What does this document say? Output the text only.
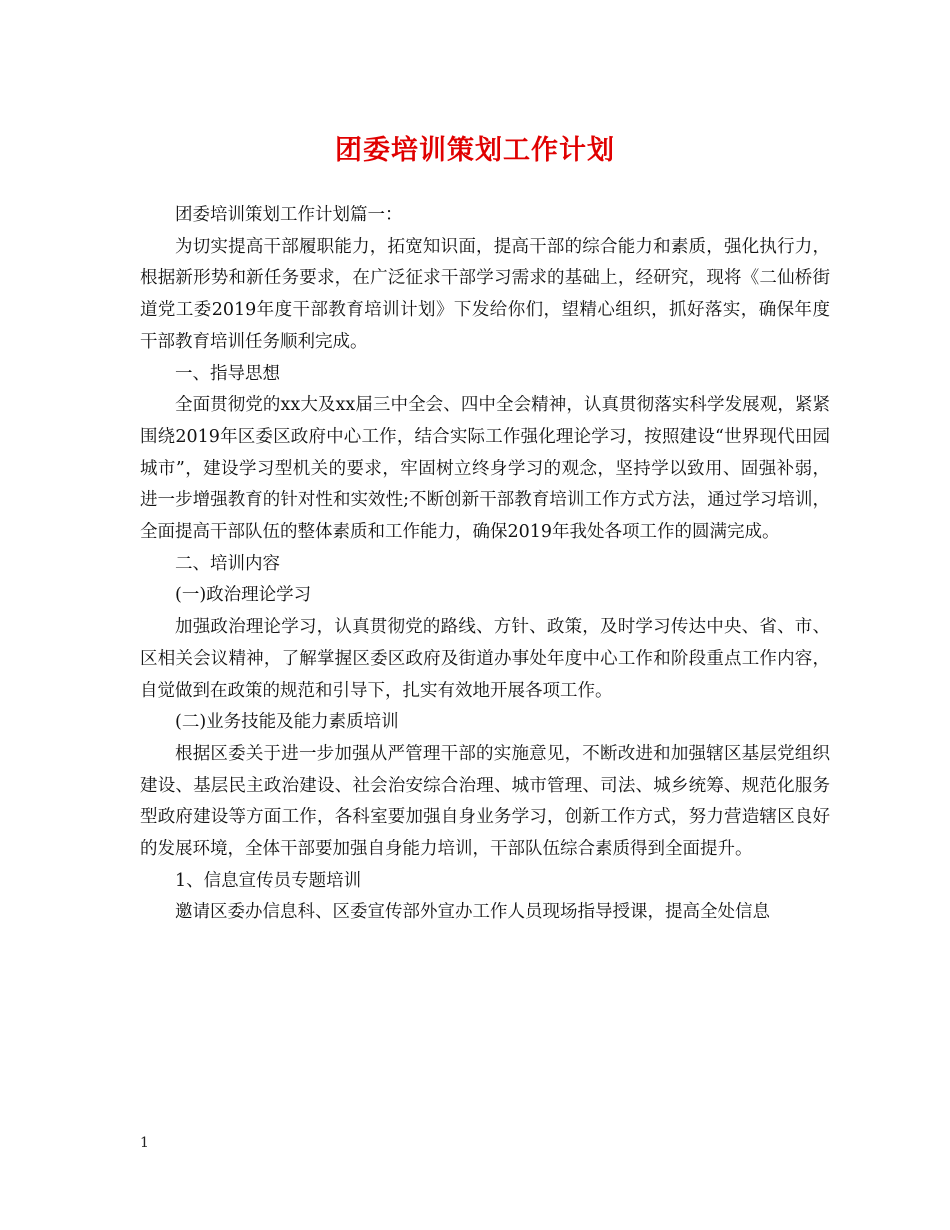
团委培训策划工作计划

团委培训策划工作计划篇一：

为切实提高干部履职能力，拓宽知识面，提高干部的综合能力和素质，强化执行力，根据新形势和新任务要求，在广泛征求干部学习需求的基础上，经研究，现将《二仙桥街道党工委2019年度干部教育培训计划》下发给你们，望精心组织，抓好落实，确保年度干部教育培训任务顺利完成。

一、指导思想

全面贯彻党的xx大及xx届三中全会、四中全会精神，认真贯彻落实科学发展观，紧紧围绕2019年区委区政府中心工作，结合实际工作强化理论学习，按照建设“世界现代田园城市”，建设学习型机关的要求，牢固树立终身学习的观念，坚持学以致用、固强补弱，进一步增强教育的针对性和实效性;不断创新干部教育培训工作方式方法，通过学习培训，全面提高干部队伍的整体素质和工作能力，确保2019年我处各项工作的圆满完成。

二、培训内容

(一)政治理论学习

加强政治理论学习，认真贯彻党的路线、方针、政策，及时学习传达中央、省、市、区相关会议精神，了解掌握区委区政府及街道办事处年度中心工作和阶段重点工作内容，自觉做到在政策的规范和引导下，扎实有效地开展各项工作。

(二)业务技能及能力素质培训

根据区委关于进一步加强从严管理干部的实施意见，不断改进和加强辖区基层党组织建设、基层民主政治建设、社会治安综合治理、城市管理、司法、城乡统筹、规范化服务型政府建设等方面工作，各科室要加强自身业务学习，创新工作方式，努力营造辖区良好的发展环境，全体干部要加强自身能力培训，干部队伍综合素质得到全面提升。

1、信息宣传员专题培训

邀请区委办信息科、区委宣传部外宣办工作人员现场指导授课，提高全处信息

1
